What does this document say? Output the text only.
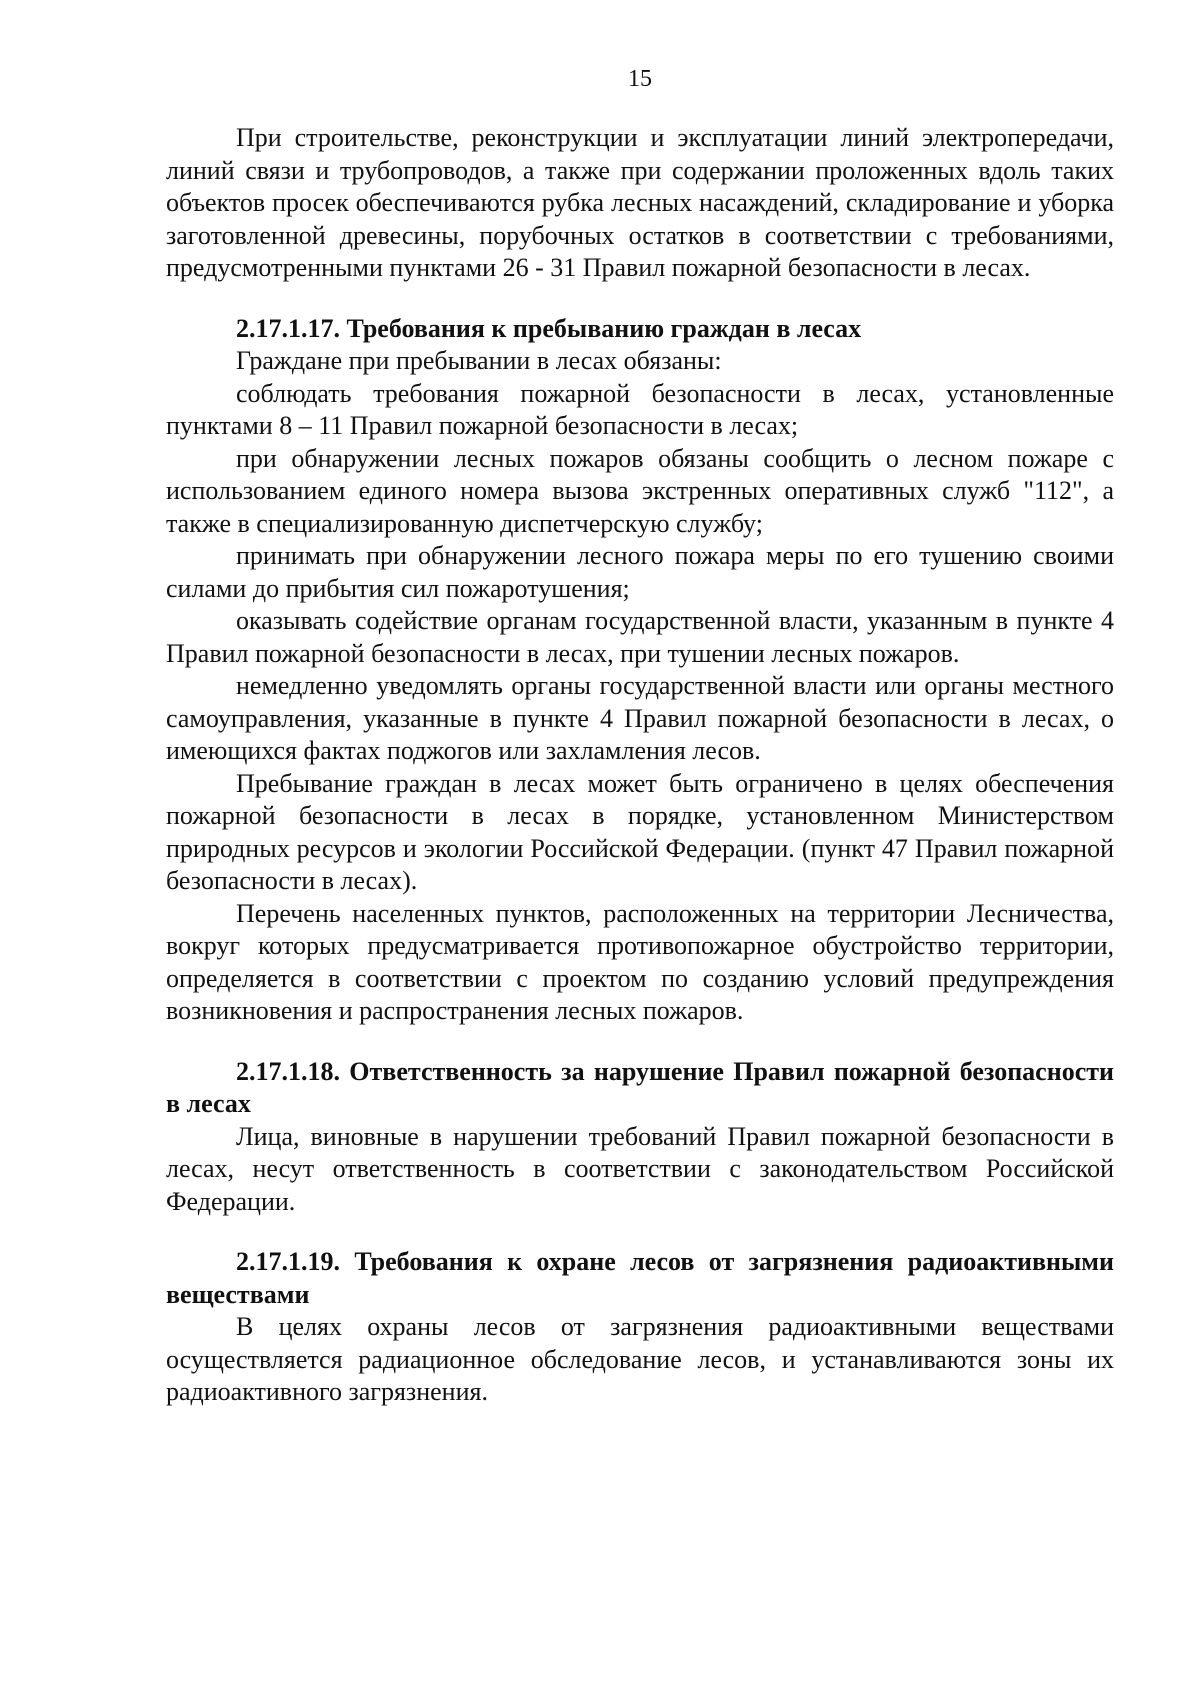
15

При строительстве, реконструкции и эксплуатации линий электропередачи, линий связи и трубопроводов, а также при содержании проложенных вдоль таких объектов просек обеспечиваются рубка лесных насаждений, складирование и уборка заготовленной древесины, порубочных остатков в соответствии с требованиями, предусмотренными пунктами 26 - 31 Правил пожарной безопасности в лесах.

2.17.1.17. Требования к пребыванию граждан в лесах

Граждане при пребывании в лесах обязаны:

соблюдать требования пожарной безопасности в лесах, установленные пунктами 8 – 11 Правил пожарной безопасности в лесах;

при обнаружении лесных пожаров обязаны сообщить о лесном пожаре с использованием единого номера вызова экстренных оперативных служб "112", а также в специализированную диспетчерскую службу;

принимать при обнаружении лесного пожара меры по его тушению своими силами до прибытия сил пожаротушения;

оказывать содействие органам государственной власти, указанным в пункте 4 Правил пожарной безопасности в лесах, при тушении лесных пожаров.

немедленно уведомлять органы государственной власти или органы местного самоуправления, указанные в пункте 4 Правил пожарной безопасности в лесах, о имеющихся фактах поджогов или захламления лесов.

Пребывание граждан в лесах может быть ограничено в целях обеспечения пожарной безопасности в лесах в порядке, установленном Министерством природных ресурсов и экологии Российской Федерации. (пункт 47 Правил пожарной безопасности в лесах).

Перечень населенных пунктов, расположенных на территории Лесничества, вокруг которых предусматривается противопожарное обустройство территории, определяется в соответствии с проектом по созданию условий предупреждения возникновения и распространения лесных пожаров.

2.17.1.18. Ответственность за нарушение Правил пожарной безопасности в лесах

Лица, виновные в нарушении требований Правил пожарной безопасности в лесах, несут ответственность в соответствии с законодательством Российской Федерации.

2.17.1.19. Требования к охране лесов от загрязнения радиоактивными веществами

В целях охраны лесов от загрязнения радиоактивными веществами осуществляется радиационное обследование лесов, и устанавливаются зоны их радиоактивного загрязнения.
